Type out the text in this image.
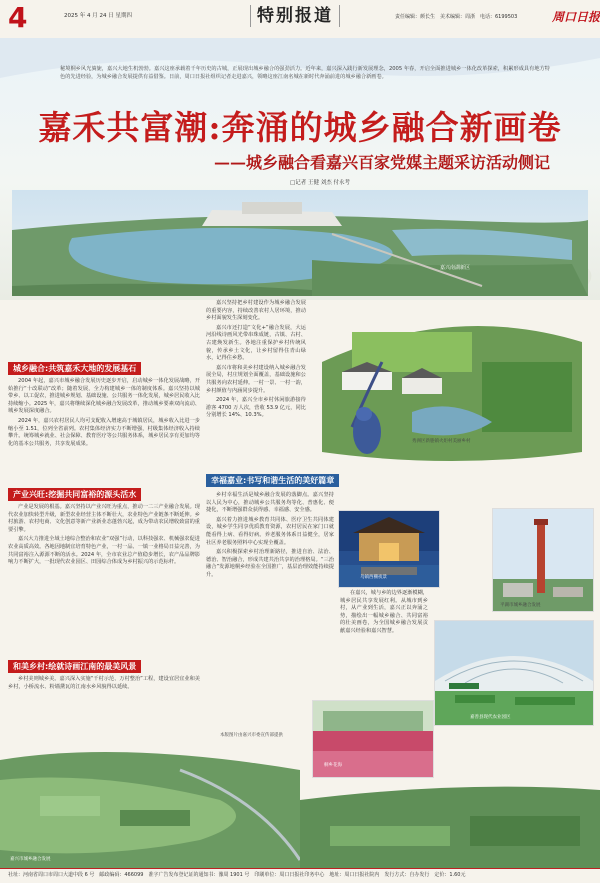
4	2025 年 4 月 24 日 星期四	特别报道	责任编辑：颜长生　美术编辑：周浙　电话：6199503	周口日报
秘境桐乡风光旖旎，嘉兴大地生机勃勃。嘉兴这座承载着千年历史的古城，正展现出城乡融合的强劲活力。近年来，嘉兴深入践行新发展理念，2005 年春，开启全面推进城乡一体化改革探索，积累形成具有地方特色的先进经验，为城乡融合发展提供有益借鉴。日前，周口日报社组织记者走进嘉兴，领略这座江南名城在新时代奔涌前进的城乡融合新画卷。
嘉禾共富潮:奔涌的城乡融合新画卷
——城乡融合看嘉兴百家党媒主题采访活动侧记
□记者 王健 刘杰 付永考
嘉兴南湖新区
城乡融合:共筑嘉禾大地的发展基石

2004 年起，嘉兴市城乡融合发展历史逐步开启，启动城乡一体化发展战略，开始推行“十改联动”改革；随着发展，全力构建城乡一体的制度体系。嘉兴坚持以城带乡、以工促农，推进城乡规划、基础设施、公共服务一体化发展，城乡居民收入比持续缩小。2025 年，嘉兴将继续深化城乡融合发展改革，推动城乡要素双向流动、城乡发展深度融合。

2024 年，嘉兴农村居民人均可支配收入增速高于城镇居民，城乡收入比进一步缩小至 1.51，位列全省前列。农村集体经济实力不断增强，村级集体经济收入持续攀升。统筹城乡就业、社会保障、教育医疗等公共服务体系，城乡居民享有更加均等化的基本公共服务，共享发展成果。

产业兴旺:挖掘共同富裕的源头活水

产业是发展的根基。嘉兴坚持以产业兴旺为重点，推动一二三产业融合发展。现代农业加快转型升级，新型农业经营主体不断壮大，农业特色产业链条不断延伸。乡村旅游、农村电商、文化创意等新产业新业态蓬勃兴起，成为带动农民增收致富的重要引擎。

嘉兴大力推进全域土地综合整治和农业“双强”行动，以科技强农、机械强农促进农业高质高效。各地因地制宜培育特色产业，一村一品、一镇一业格局日益完善，为共同富裕注入源源不断的活水。2024 年，全市农业总产值稳步增长，农产品品牌影响力不断扩大，一批现代农业园区、田园综合体成为乡村振兴的示范标杆。

和美乡村:绘就诗画江南的最美风景

乡村美则城乡美。嘉兴深入实施“千村示范、万村整治”工程，建设宜居宜业和美乡村，小桥流水、粉墙黛瓦的江南水乡风貌得以延续。

嘉兴坚持把乡村建设作为城乡融合发展的重要内容，持续改善农村人居环境，推动乡村面貌发生深刻变化。

嘉兴市还打造“文化+”融合发展，大运河沿线诗画风光带串珠成链，古镇、古村、古建焕发新生。各地注重保护乡村传统风貌，传承乡土文化，让乡村留得住青山绿水，记得住乡愁。

嘉兴市将和美乡村建设纳入城乡融合发展全局，村庄规划全面覆盖，基础设施和公共服务向农村延伸。一村一景、一村一韵，乡村颜值与内涵同步提升。

2024 年，嘉兴全市乡村休闲旅游接待游客 4700 万人次，营收 53.9 亿元，同比分别增长 14%、10.3%。

幸福嘉业:书写和谐生活的美好篇章

乡村幸福生活是城乡融合发展的落脚点。嘉兴坚持以人民为中心，推动城乡公共服务均等化、普惠化、便捷化，不断增强群众获得感、幸福感、安全感。

嘉兴着力推进城乡教育共同体、医疗卫生共同体建设，城乡学生同享优质教育资源，农村居民在家门口就能看得上病、看得好病。养老服务体系日益健全，居家社区养老服务照料中心实现全覆盖。

嘉兴积极探索乡村治理新路径，推进自治、法治、德治、智治融合，形成共建共治共享的治理格局。“三治融合”发源地桐乡经验在全国推广，基层治理效能持续提升。

在嘉兴，城与乡的边界逐渐模糊，城乡居民共享发展红利。从城市到乡村，从产业到生活，嘉兴正以奔涌之势，描绘出一幅城乡融合、共同富裕的壮美画卷，为全国城乡融合发展贡献嘉兴经验和嘉兴智慧。

秀洲区新塍镇火炬村美丽乡村
乌镇西栅夜景
平湖市城乡融合发展
嘉善县现代农业园区
桐乡花海
本版图片由嘉兴市委宣传部提供
嘉兴市城乡融合发展
社址：河南省周口市周口大道中段 6 号　邮政编码：466099　准字广告发布登记证的通知书：豫周 1901 号　印刷单位：周口日报社印务中心　地址：周口日报社院内　发行方式：自办发行　定价：1.60元
